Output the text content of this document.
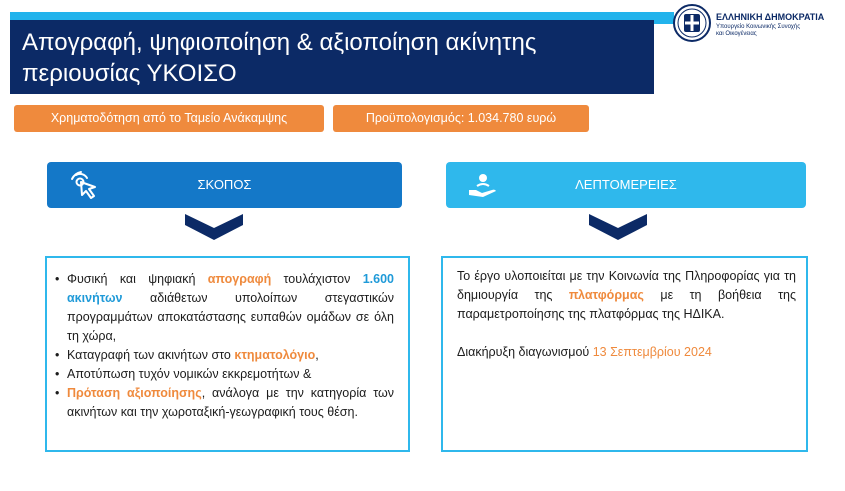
Απογραφή, ψηφιοποίηση & αξιοποίηση ακίνητης
περιουσίας ΥΚΟΙΣΟ
ΕΛΛΗΝΙΚΗ ΔΗΜΟΚΡΑΤΙΑ
Υπουργείο Κοινωνικής Συνοχής και Οικογένειας
Χρηματοδότηση από το Ταμείο Ανάκαμψης	Προϋπολογισμός: 1.034.780 ευρώ
ΣΚΟΠΟΣ	ΛΕΠΤΟΜΕΡΕΙΕΣ
• Φυσική και ψηφιακή απογραφή τουλάχιστον 1.600 ακινήτων αδιάθετων υπολοίπων στεγαστικών προγραμμάτων αποκατάστασης ευπαθών ομάδων σε όλη τη χώρα,
• Καταγραφή των ακινήτων στο κτηματολόγιο,
• Αποτύπωση τυχόν νομικών εκκρεμοτήτων &
• Πρόταση αξιοποίησης, ανάλογα με την κατηγορία των ακινήτων και την χωροταξική-γεωγραφική τους θέση.

Το έργο υλοποιείται με την Κοινωνία της Πληροφορίας για τη δημιουργία της πλατφόρμας με τη βοήθεια της παραμετροποίησης της πλατφόρμας της ΗΔΙΚΑ.

Διακήρυξη διαγωνισμού 13 Σεπτεμβρίου 2024
